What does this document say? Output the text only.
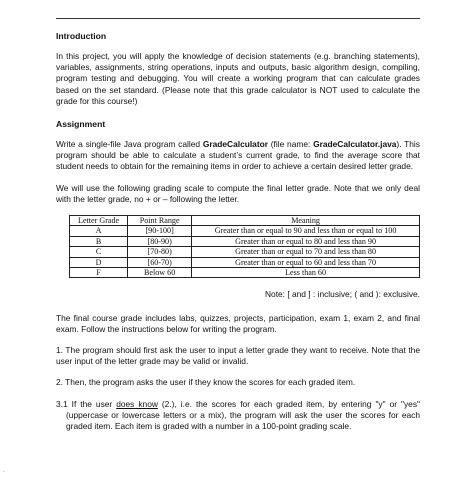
Introduction

In this project, you will apply the knowledge of decision statements (e.g. branching statements), variables, assignments, string operations, inputs and outputs, basic algorithm design, compiling, program testing and debugging. You will create a working program that can calculate grades based on the set standard. (Please note that this grade calculator is NOT used to calculate the grade for this course!)

Assignment

Write a single-file Java program called GradeCalculator (file name: GradeCalculator.java). This program should be able to calculate a student’s current grade, to find the average score that student needs to obtain for the remaining items in order to achieve a certain desired letter grade.

We will use the following grading scale to compute the final letter grade. Note that we only deal with the letter grade, no + or – following the letter.

Letter Grade	Point Range	Meaning
A	[90-100]	Greater than or equal to 90 and less than or equal to 100
B	[80-90)	Greater than or equal to 80 and less than 90
C	[70-80)	Greater than or equal to 70 and less than 80
D	[60-70)	Greater than or equal to 60 and less than 70
F	Below 60	Less than 60

Note: [ and ] : inclusive; ( and ): exclusive.

The final course grade includes labs, quizzes, projects, participation, exam 1, exam 2, and final exam. Follow the instructions below for writing the program.

1. The program should first ask the user to input a letter grade they want to receive. Note that the user input of the letter grade may be valid or invalid.

2. Then, the program asks the user if they know the scores for each graded item.

3.1 If the user does know (2.), i.e. the scores for each graded item, by entering "y" or "yes" (uppercase or lowercase letters or a mix), the program will ask the user the scores for each graded item. Each item is graded with a number in a 100-point grading scale.

.
